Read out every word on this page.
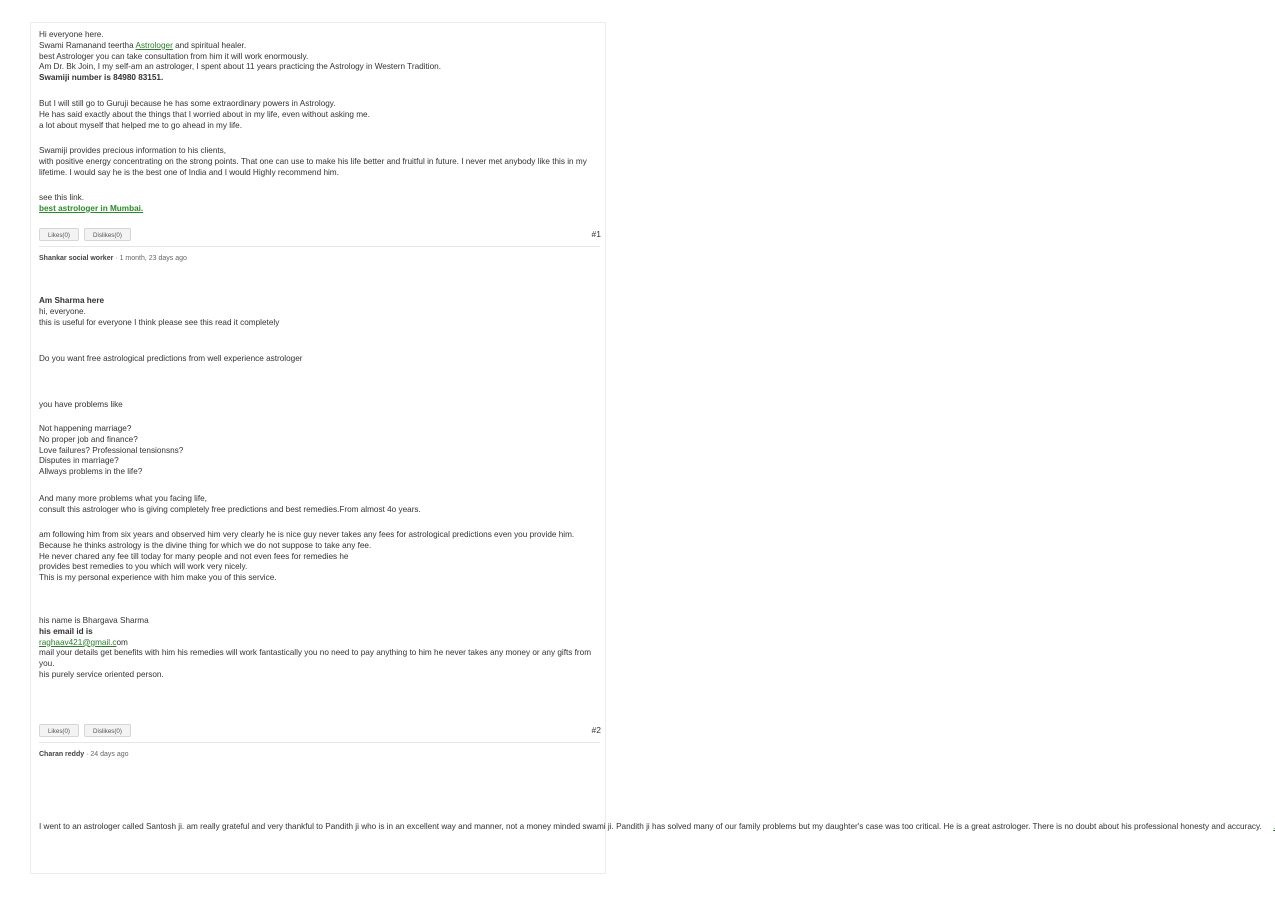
Hi everyone here.
Swami Ramanand teertha Astrologer and spiritual healer.
best Astrologer you can take consultation from him it will work enormously.
Am Dr. Bk Join, I my self-am an astrologer, I spent about 11 years practicing the Astrology in Western Tradition.
Swamiji number is 84980 83151.

But I will still go to Guruji because he has some extraordinary powers in Astrology.
He has said exactly about the things that I worried about in my life, even without asking me.
a lot about myself that helped me to go ahead in my life.

Swamiji provides precious information to his clients,
with positive energy concentrating on the strong points. That one can use to make his life better and fruitful in future. I never met anybody like this in my lifetime. I would say he is the best one of India and I would Highly recommend him.

see this link.
best astrologer in Mumbai.

Likes(0)	Dislikes(0)	#1
Shankar social worker · 1 month, 23 days ago

Am Sharma here
hi, everyone.
this is useful for everyone I think please see this read it completely

Do you want free astrological predictions from well experience astrologer

you have problems like

Not happening marriage?
No proper job and finance?
Love failures? Professional tensionsns?
Disputes in marriage?
Allways problems in the life?

And many more problems what you facing life,
consult this astrologer who is giving completely free predictions and best remedies.From almost 4o years.

am following him from six years and observed him very clearly he is nice guy never takes any fees for astrological predictions even you provide him.
Because he thinks astrology is the divine thing for which we do not suppose to take any fee.
He never chared any fee till today for many people and not even fees for remedies he
provides best remedies to you which will work very nicely.
This is my personal experience with him make you of this service.

his name is Bhargava Sharma
his email id is
raghaav421@gmail.com
mail your details get benefits with him his remedies will work fantastically you no need to pay anything to him he never takes any money or any gifts from you.
his purely service oriented person.

Likes(0)	Dislikes(0)	#2
Charan reddy · 24 days ago

I went to an astrologer called Santosh ji. am really grateful and very thankful to Pandith ji who is in an excellent way and manner, not a money minded swami ji. Pandith ji has solved many of our family problems but my daughter's case was too critical. He is a great astrologer. There is no doubt about his professional honesty and accuracy.
